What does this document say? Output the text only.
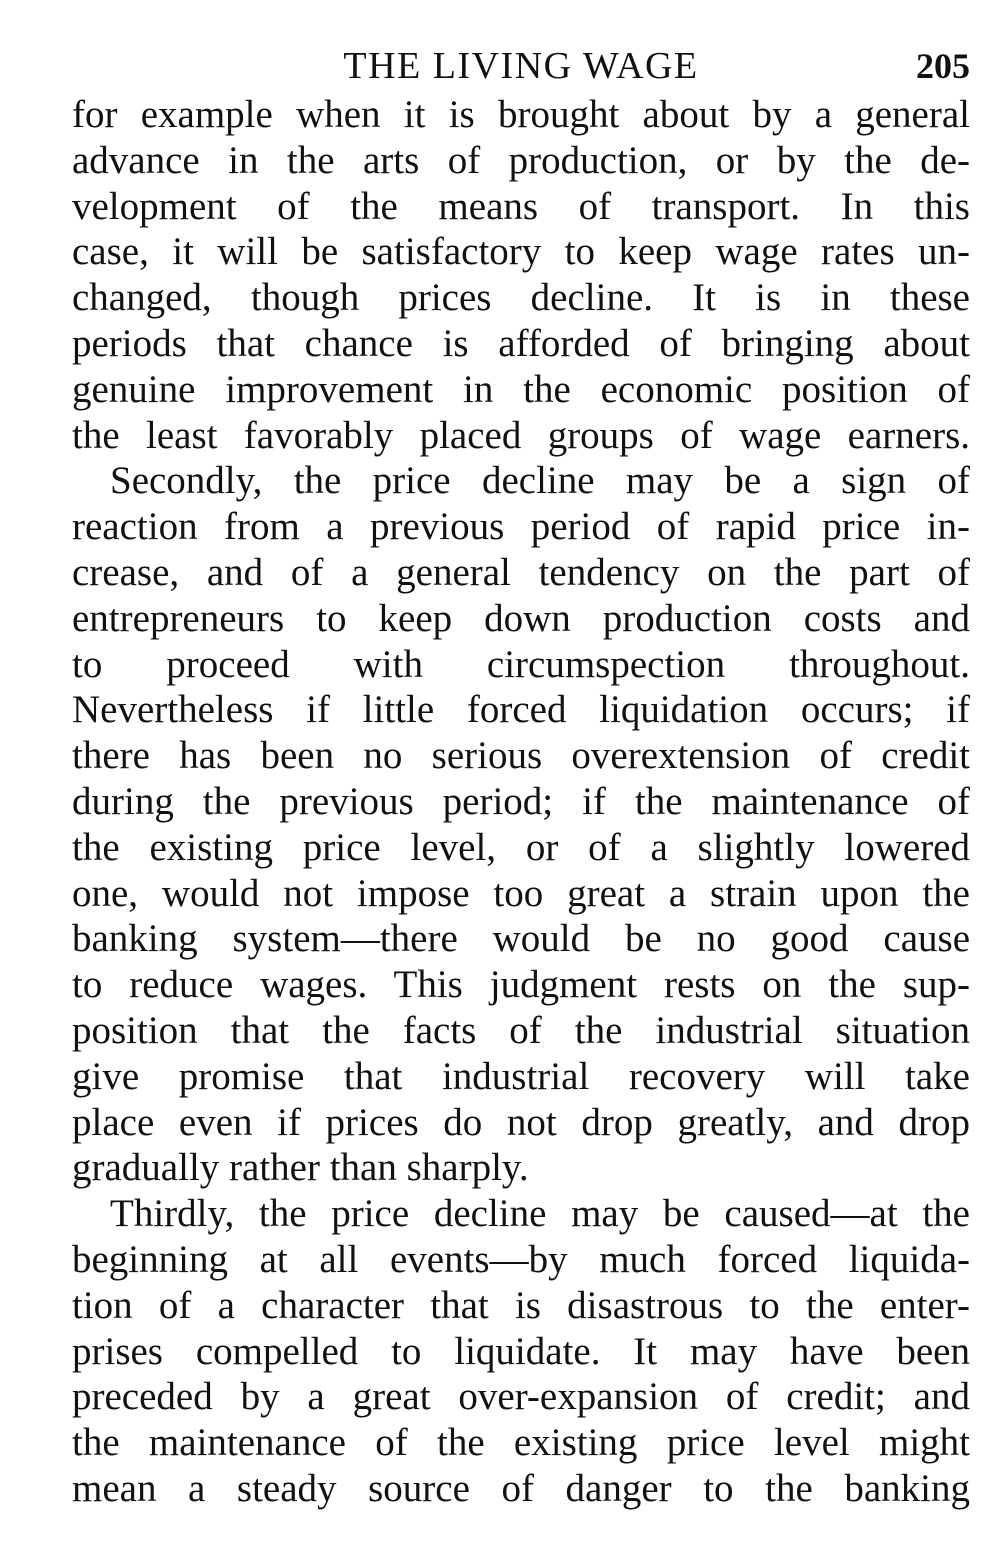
THE LIVING WAGE	205
for example when it is brought about by a general
advance in the arts of production, or by the de-
velopment of the means of transport. In this
case, it will be satisfactory to keep wage rates un-
changed, though prices decline. It is in these
periods that chance is afforded of bringing about
genuine improvement in the economic position of
the least favorably placed groups of wage earners.
Secondly, the price decline may be a sign of
reaction from a previous period of rapid price in-
crease, and of a general tendency on the part of
entrepreneurs to keep down production costs and
to proceed with circumspection throughout.
Nevertheless if little forced liquidation occurs; if
there has been no serious overextension of credit
during the previous period; if the maintenance of
the existing price level, or of a slightly lowered
one, would not impose too great a strain upon the
banking system—there would be no good cause
to reduce wages. This judgment rests on the sup-
position that the facts of the industrial situation
give promise that industrial recovery will take
place even if prices do not drop greatly, and drop
gradually rather than sharply.
Thirdly, the price decline may be caused—at the
beginning at all events—by much forced liquida-
tion of a character that is disastrous to the enter-
prises compelled to liquidate. It may have been
preceded by a great over-expansion of credit; and
the maintenance of the existing price level might
mean a steady source of danger to the banking
